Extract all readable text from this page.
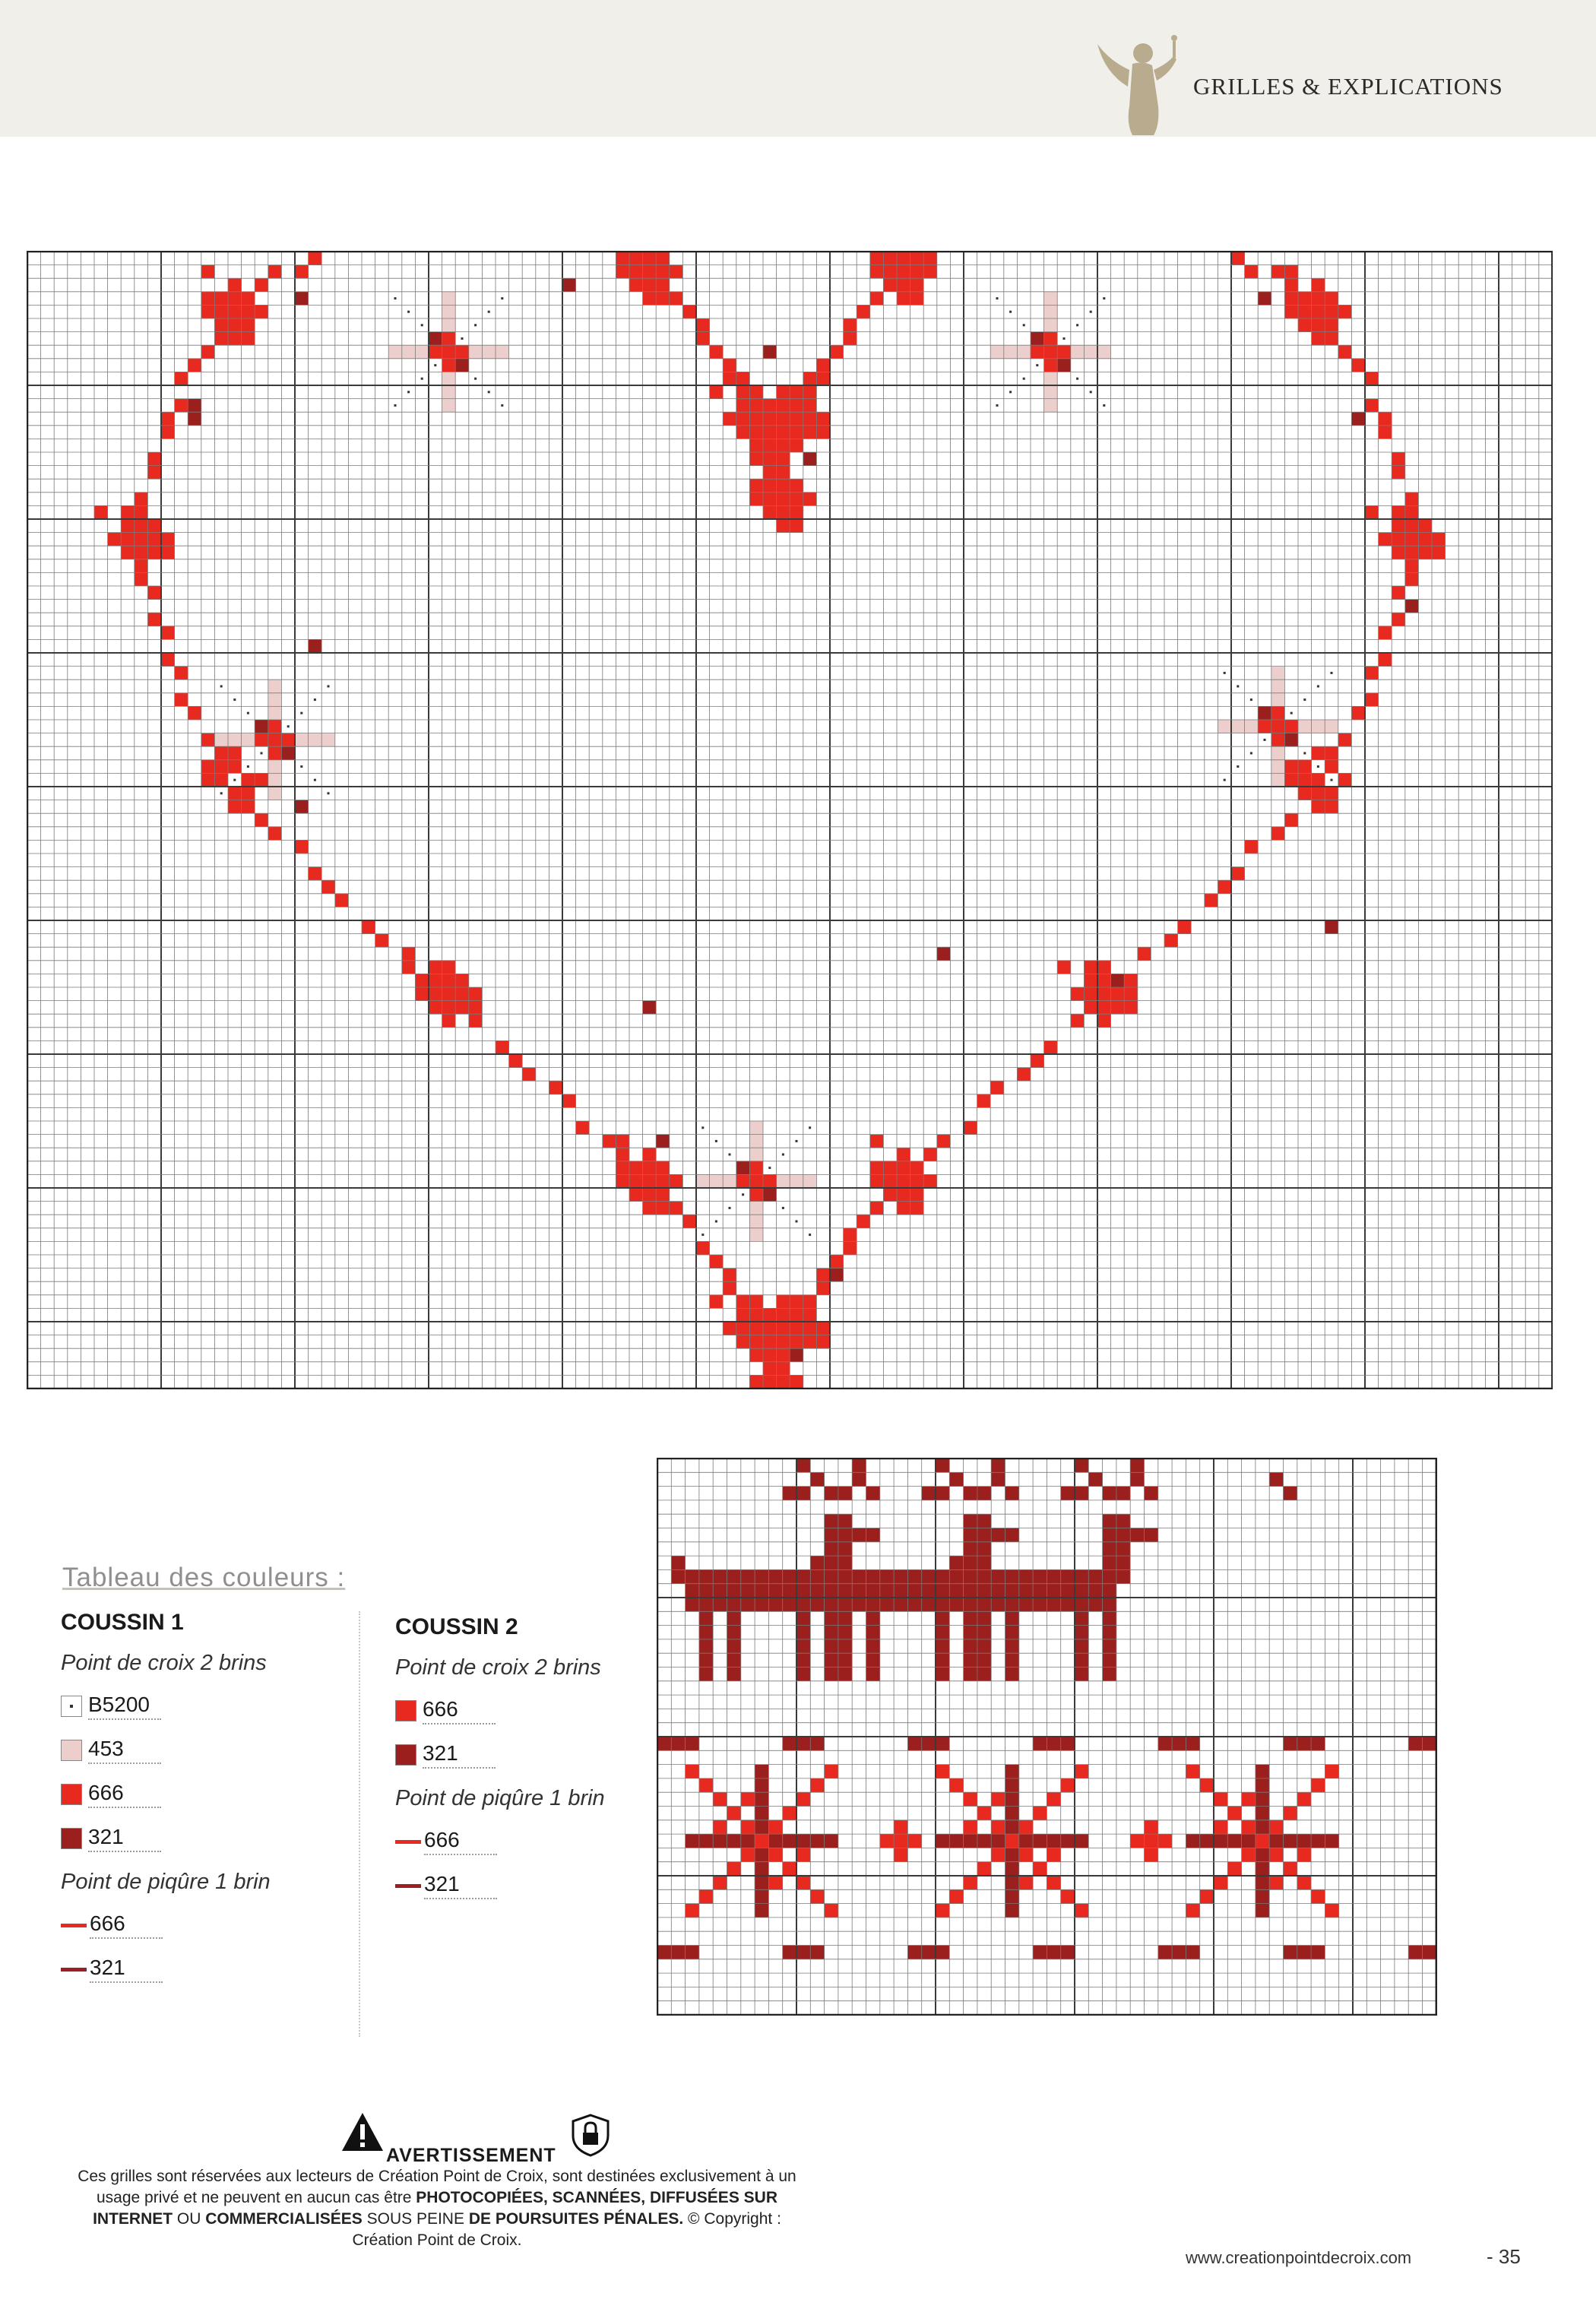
GRILLES & EXPLICATIONS
Tableau des couleurs :
COUSSIN 1
Point de croix 2 brins
B5200
453
666
321
Point de piqûre 1 brin
666
321
COUSSIN 2
Point de croix 2 brins
666
321
Point de piqûre 1 brin
666
321
AVERTISSEMENT
Ces grilles sont réservées aux lecteurs de Création Point de Croix, sont destinées exclusivement à un usage privé et ne peuvent en aucun cas être PHOTOCOPIÉES, SCANNÉES, DIFFUSÉES SUR INTERNET OU COMMERCIALISÉES SOUS PEINE DE POURSUITES PÉNALES. © Copyright : Création Point de Croix.
www.creationpointdecroix.com	- 35
